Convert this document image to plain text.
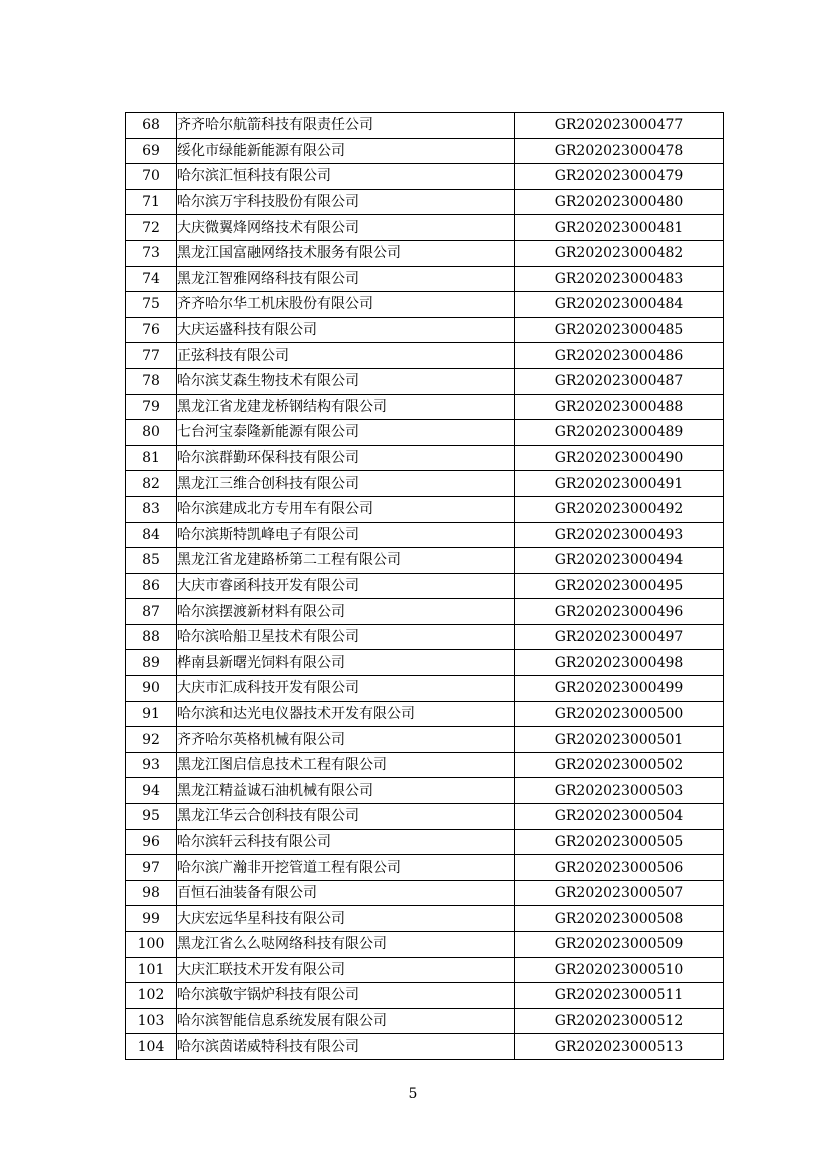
68	齐齐哈尔航箭科技有限责任公司	GR202023000477
69	绥化市绿能新能源有限公司	GR202023000478
70	哈尔滨汇恒科技有限公司	GR202023000479
71	哈尔滨万宇科技股份有限公司	GR202023000480
72	大庆微翼烽网络技术有限公司	GR202023000481
73	黑龙江国富融网络技术服务有限公司	GR202023000482
74	黑龙江智雅网络科技有限公司	GR202023000483
75	齐齐哈尔华工机床股份有限公司	GR202023000484
76	大庆运盛科技有限公司	GR202023000485
77	正弦科技有限公司	GR202023000486
78	哈尔滨艾森生物技术有限公司	GR202023000487
79	黑龙江省龙建龙桥钢结构有限公司	GR202023000488
80	七台河宝泰隆新能源有限公司	GR202023000489
81	哈尔滨群勤环保科技有限公司	GR202023000490
82	黑龙江三维合创科技有限公司	GR202023000491
83	哈尔滨建成北方专用车有限公司	GR202023000492
84	哈尔滨斯特凯峰电子有限公司	GR202023000493
85	黑龙江省龙建路桥第二工程有限公司	GR202023000494
86	大庆市睿函科技开发有限公司	GR202023000495
87	哈尔滨摆渡新材料有限公司	GR202023000496
88	哈尔滨哈船卫星技术有限公司	GR202023000497
89	桦南县新曙光饲料有限公司	GR202023000498
90	大庆市汇成科技开发有限公司	GR202023000499
91	哈尔滨和达光电仪器技术开发有限公司	GR202023000500
92	齐齐哈尔英格机械有限公司	GR202023000501
93	黑龙江图启信息技术工程有限公司	GR202023000502
94	黑龙江精益诚石油机械有限公司	GR202023000503
95	黑龙江华云合创科技有限公司	GR202023000504
96	哈尔滨轩云科技有限公司	GR202023000505
97	哈尔滨广瀚非开挖管道工程有限公司	GR202023000506
98	百恒石油装备有限公司	GR202023000507
99	大庆宏远华星科技有限公司	GR202023000508
100	黑龙江省么么哒网络科技有限公司	GR202023000509
101	大庆汇联技术开发有限公司	GR202023000510
102	哈尔滨敬宇锅炉科技有限公司	GR202023000511
103	哈尔滨智能信息系统发展有限公司	GR202023000512
104	哈尔滨茵诺威特科技有限公司	GR202023000513
5
